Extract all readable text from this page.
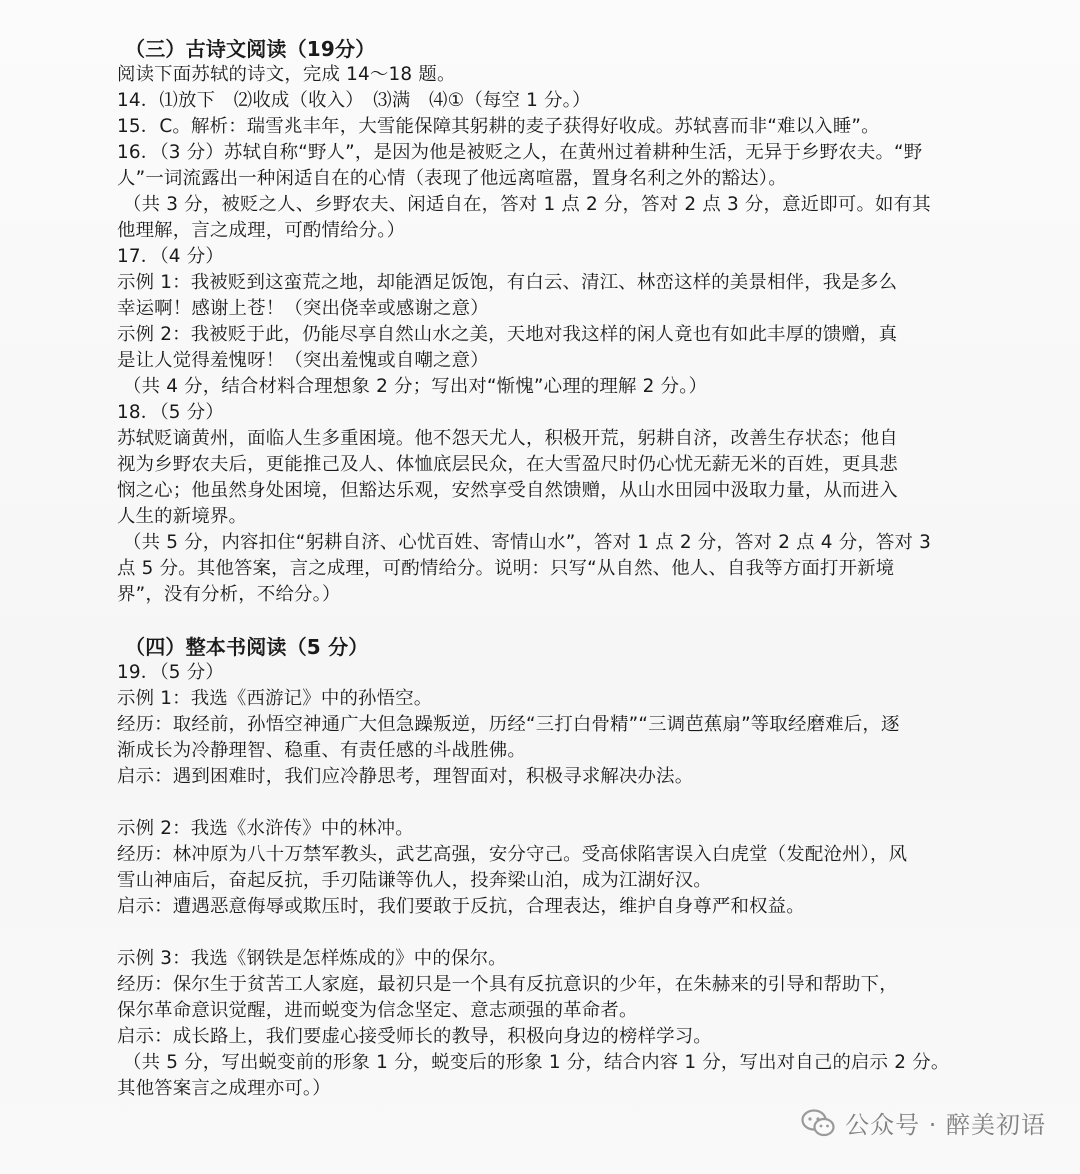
（三）古诗文阅读（19分）
阅读下面苏轼的诗文，完成 14～18 题。
14．⑴放下　⑵收成（收入）　⑶满　⑷①（每空 1 分。）
15．C。解析：瑞雪兆丰年，大雪能保障其躬耕的麦子获得好收成。苏轼喜而非“难以入睡”。
16．（3 分）苏轼自称“野人”，是因为他是被贬之人，在黄州过着耕种生活，无异于乡野农夫。“野
人”一词流露出一种闲适自在的心情（表现了他远离喧嚣，置身名利之外的豁达）。
（共 3 分，被贬之人、乡野农夫、闲适自在，答对 1 点 2 分，答对 2 点 3 分，意近即可。如有其
他理解，言之成理，可酌情给分。）
17．（4 分）
示例 1：我被贬到这蛮荒之地，却能酒足饭饱，有白云、清江、林峦这样的美景相伴，我是多么
幸运啊！感谢上苍！（突出侥幸或感谢之意）
示例 2：我被贬于此，仍能尽享自然山水之美，天地对我这样的闲人竟也有如此丰厚的馈赠，真
是让人觉得羞愧呀！（突出羞愧或自嘲之意）
（共 4 分，结合材料合理想象 2 分；写出对“惭愧”心理的理解 2 分。）
18．（5 分）
苏轼贬谪黄州，面临人生多重困境。他不怨天尤人，积极开荒，躬耕自济，改善生存状态；他自
视为乡野农夫后，更能推己及人、体恤底层民众，在大雪盈尺时仍心忧无薪无米的百姓，更具悲
悯之心；他虽然身处困境，但豁达乐观，安然享受自然馈赠，从山水田园中汲取力量，从而进入
人生的新境界。
（共 5 分，内容扣住“躬耕自济、心忧百姓、寄情山水”，答对 1 点 2 分，答对 2 点 4 分，答对 3
点 5 分。其他答案，言之成理，可酌情给分。说明：只写“从自然、他人、自我等方面打开新境
界”，没有分析，不给分。）
（四）整本书阅读（5 分）
19．（5 分）
示例 1：我选《西游记》中的孙悟空。
经历：取经前，孙悟空神通广大但急躁叛逆，历经“三打白骨精”“三调芭蕉扇”等取经磨难后，逐
渐成长为冷静理智、稳重、有责任感的斗战胜佛。
启示：遇到困难时，我们应冷静思考，理智面对，积极寻求解决办法。
示例 2：我选《水浒传》中的林冲。
经历：林冲原为八十万禁军教头，武艺高强，安分守己。受高俅陷害误入白虎堂（发配沧州），风
雪山神庙后，奋起反抗，手刃陆谦等仇人，投奔梁山泊，成为江湖好汉。
启示：遭遇恶意侮辱或欺压时，我们要敢于反抗，合理表达，维护自身尊严和权益。
示例 3：我选《钢铁是怎样炼成的》中的保尔。
经历：保尔生于贫苦工人家庭，最初只是一个具有反抗意识的少年，在朱赫来的引导和帮助下，
保尔革命意识觉醒，进而蜕变为信念坚定、意志顽强的革命者。
启示：成长路上，我们要虚心接受师长的教导，积极向身边的榜样学习。
（共 5 分，写出蜕变前的形象 1 分，蜕变后的形象 1 分，结合内容 1 分，写出对自己的启示 2 分。
其他答案言之成理亦可。）
公众号 · 醉美初语
